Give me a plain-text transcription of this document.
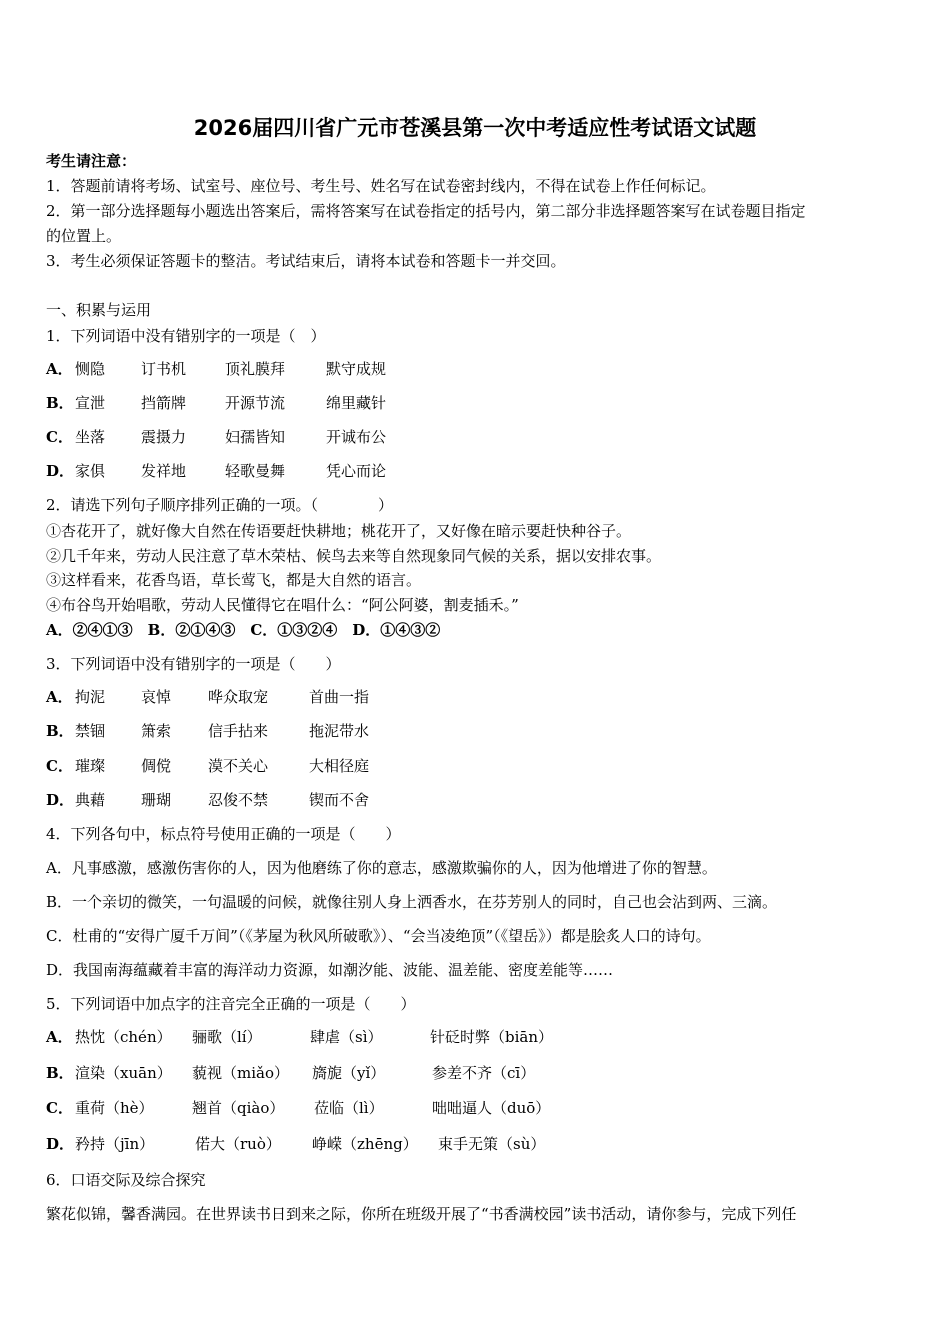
2026届四川省广元市苍溪县第一次中考适应性考试语文试题
考生请注意：
1．答题前请将考场、试室号、座位号、考生号、姓名写在试卷密封线内，不得在试卷上作任何标记。
2．第一部分选择题每小题选出答案后，需将答案写在试卷指定的括号内，第二部分非选择题答案写在试卷题目指定
的位置上。
3．考生必须保证答题卡的整洁。考试结束后，请将本试卷和答题卡一并交回。
一、积累与运用
1．下列词语中没有错别字的一项是（　）
A． 恻隐 订书机	顶礼膜拜	默守成规
B． 宣泄 挡箭牌	开源节流	绵里藏针
C． 坐落 震摄力	妇孺皆知	开诚布公
D． 家俱 发祥地	轻歌曼舞	凭心而论
2．请选下列句子顺序排列正确的一项。（　　　　）
①杏花开了，就好像大自然在传语要赶快耕地；桃花开了，又好像在暗示要赶快种谷子。
②几千年来，劳动人民注意了草木荣枯、候鸟去来等自然现象同气候的关系，据以安排农事。
③这样看来，花香鸟语，草长莺飞，都是大自然的语言。
④布谷鸟开始唱歌，劳动人民懂得它在唱什么：“阿公阿婆，割麦插禾。”
A．②④①③　B．②①④③　C．①③②④　D．①④③②
3．下列词语中没有错别字的一项是（　　）
A． 拘泥 哀悼 哗众取宠	首曲一指
B． 禁锢 箫索 信手拈来	拖泥带水
C． 璀璨 倜傥 漠不关心	大相径庭
D． 典藉 珊瑚 忍俊不禁	锲而不舍
4．下列各句中，标点符号使用正确的一项是（　　）
A．凡事感激，感激伤害你的人，因为他磨练了你的意志，感激欺骗你的人，因为他增进了你的智慧。
B．一个亲切的微笑，一句温暖的问候，就像往别人身上洒香水，在芬芳别人的同时，自己也会沾到两、三滴。
C．杜甫的“安得广厦千万间”（《茅屋为秋风所破歌》）、“会当凌绝顶”（《望岳》）都是脍炙人口的诗句。
D．我国南海蕴藏着丰富的海洋动力资源，如潮汐能、波能、温差能、密度差能等……
5．下列词语中加点字的注音完全正确的一项是（　　）
A． 热忱（chén） 骊歌（lí）	肆虐（sì）	针砭时弊（biān）
B． 渲染（xuān） 藐视（miǎo） 旖旎（yǐ）	参差不齐（cī）
C． 重荷（hè）	翘首（qiào） 莅临（lì）	咄咄逼人（duō）
D． 矜持（jīn）	偌大（ruò） 峥嵘（zhēng） 束手无策（sù）
6．口语交际及综合探究
繁花似锦，馨香满园。在世界读书日到来之际，你所在班级开展了“书香满校园”读书活动，请你参与，完成下列任
